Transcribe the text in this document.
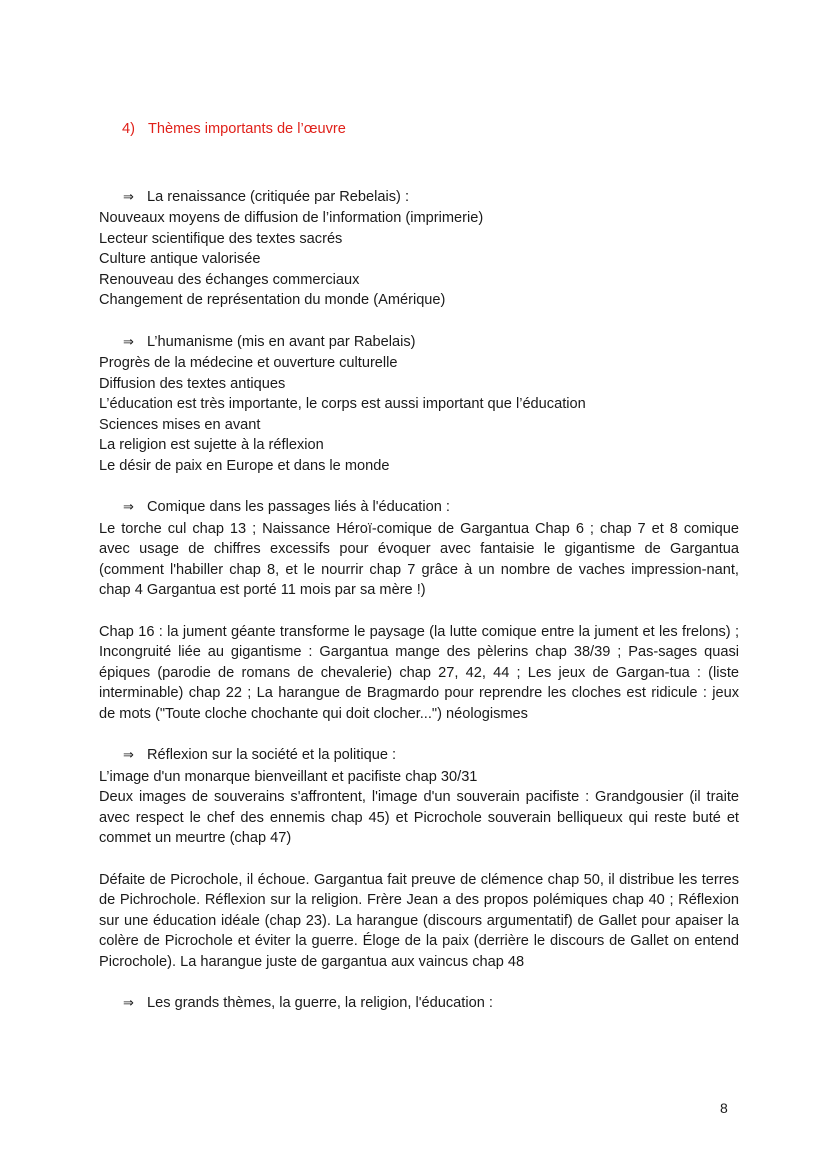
4) Thèmes importants de l’œuvre
⇒ La renaissance (critiquée par Rebelais) :
Nouveaux moyens de diffusion de l’information (imprimerie)
Lecteur scientifique des textes sacrés
Culture antique valorisée
Renouveau des échanges commerciaux
Changement de représentation du monde (Amérique)
⇒ L’humanisme (mis en avant par Rabelais)
Progrès de la médecine et ouverture culturelle
Diffusion des textes antiques
L’éducation est très importante, le corps est aussi important que l’éducation
Sciences mises en avant
La religion est sujette à la réflexion
Le désir de paix en Europe et dans le monde
⇒ Comique dans les passages liés à l'éducation :
Le torche cul chap 13 ; Naissance Héroï-comique de Gargantua Chap 6 ; chap 7 et 8 comique avec usage de chiffres excessifs pour évoquer avec fantaisie le gigantisme de Gargantua (comment l'habiller chap 8, et le nourrir chap 7 grâce à un nombre de vaches impression-nant, chap 4 Gargantua est porté 11 mois par sa mère !)
Chap 16 : la jument géante transforme le paysage (la lutte comique entre la jument et les frelons) ; Incongruité liée au gigantisme : Gargantua mange des pèlerins chap 38/39 ; Pas-sages quasi épiques (parodie de romans de chevalerie) chap 27, 42, 44 ; Les jeux de Gargan-tua : (liste interminable) chap 22 ; La harangue de Bragmardo pour reprendre les cloches est ridicule : jeux de mots ("Toute cloche chochante qui doit clocher...") néologismes
⇒ Réflexion sur la société et la politique :
L’image d'un monarque bienveillant et pacifiste chap 30/31
Deux images de souverains s'affrontent, l'image d'un souverain pacifiste : Grandgousier (il traite avec respect le chef des ennemis chap 45) et Picrochole souverain belliqueux qui reste buté et commet un meurtre (chap 47)
Défaite de Picrochole, il échoue. Gargantua fait preuve de clémence chap 50, il distribue les terres de Pichrochole. Réflexion sur la religion. Frère Jean a des propos polémiques chap 40 ; Réflexion sur une éducation idéale (chap 23). La harangue (discours argumentatif) de Gallet pour apaiser la colère de Picrochole et éviter la guerre. Éloge de la paix (derrière le discours de Gallet on entend Picrochole). La harangue juste de gargantua aux vaincus chap 48
⇒ Les grands thèmes, la guerre, la religion, l'éducation :
8
